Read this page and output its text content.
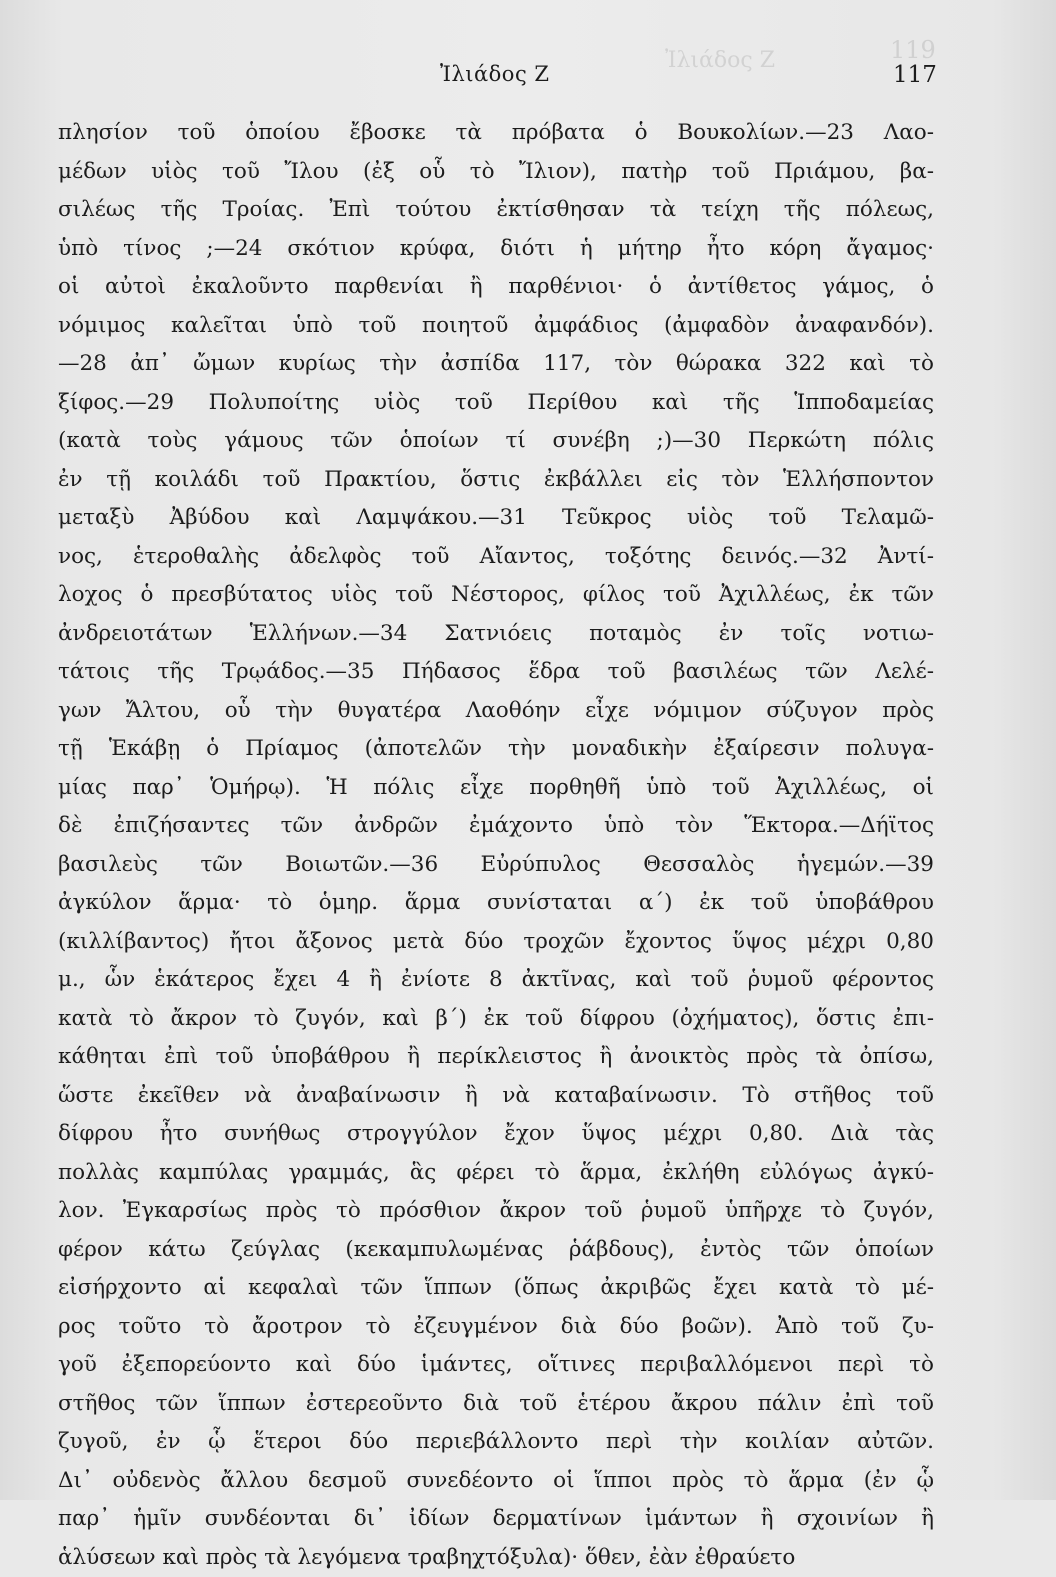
Ἰλιάδος Ζ	119
Ἰλιάδος Ζ	117
πλησίον τοῦ ὁποίου ἔβοσκε τὰ πρόβατα ὁ Βουκολίων.—23 Λαο-
μέδων υἱὸς τοῦ Ἴλου (ἐξ οὗ τὸ Ἴλιον), πατὴρ τοῦ Πριάμου, βα-
σιλέως τῆς Τροίας. Ἐπὶ τούτου ἐκτίσθησαν τὰ τείχη τῆς πόλεως,
ὑπὸ τίνος ;—24 σκότιον κρύφα, διότι ἡ μήτηρ ἦτο κόρη ἄγαμος·
οἱ αὐτοὶ ἐκαλοῦντο παρθενίαι ἢ παρθένιοι· ὁ ἀντίθετος γάμος, ὁ
νόμιμος καλεῖται ὑπὸ τοῦ ποιητοῦ ἀμφάδιος (ἀμφαδὸν ἀναφανδόν).
—28 ἀπ᾿ ὤμων κυρίως τὴν ἀσπίδα 117, τὸν θώρακα 322 καὶ τὸ
ξίφος.—29 Πολυποίτης υἱὸς τοῦ Περίθου καὶ τῆς Ἱπποδαμείας
(κατὰ τοὺς γάμους τῶν ὁποίων τί συνέβη ;)—30 Περκώτη πόλις
ἐν τῇ κοιλάδι τοῦ Πρακτίου, ὅστις ἐκβάλλει εἰς τὸν Ἑλλήσποντον
μεταξὺ Ἀβύδου καὶ Λαμψάκου.—31 Τεῦκρος υἱὸς τοῦ Τελαμῶ-
νος, ἑτεροθαλὴς ἀδελφὸς τοῦ Αἴαντος, τοξότης δεινός.—32 Ἀντί-
λοχος ὁ πρεσβύτατος υἱὸς τοῦ Νέστορος, φίλος τοῦ Ἀχιλλέως, ἐκ τῶν
ἀνδρειοτάτων Ἑλλήνων.—34 Σατνιόεις ποταμὸς ἐν τοῖς νοτιω-
τάτοις τῆς Τρῳάδος.—35 Πήδασος ἕδρα τοῦ βασιλέως τῶν Λελέ-
γων Ἄλτου, οὗ τὴν θυγατέρα Λαοθόην εἶχε νόμιμον σύζυγον πρὸς
τῇ Ἑκάβῃ ὁ Πρίαμος (ἀποτελῶν τὴν μοναδικὴν ἐξαίρεσιν πολυγα-
μίας παρ᾿ Ὁμήρῳ). Ἡ πόλις εἶχε πορθηθῆ ὑπὸ τοῦ Ἀχιλλέως, οἱ
δὲ ἐπιζήσαντες τῶν ἀνδρῶν ἐμάχοντο ὑπὸ τὸν Ἕκτορα.—Δήϊτος
βασιλεὺς τῶν Βοιωτῶν.—36 Εὐρύπυλος Θεσσαλὸς ἡγεμών.—39
ἀγκύλον ἅρμα· τὸ ὁμηρ. ἅρμα συνίσταται α΄) ἐκ τοῦ ὑποβάθρου
(κιλλίβαντος) ἤτοι ἄξονος μετὰ δύο τροχῶν ἔχοντος ὕψος μέχρι 0,80
μ., ὧν ἑκάτερος ἔχει 4 ἢ ἐνίοτε 8 ἀκτῖνας, καὶ τοῦ ῥυμοῦ φέροντος
κατὰ τὸ ἄκρον τὸ ζυγόν, καὶ β΄) ἐκ τοῦ δίφρου (ὀχήματος), ὅστις ἐπι-
κάθηται ἐπὶ τοῦ ὑποβάθρου ἢ περίκλειστος ἢ ἀνοικτὸς πρὸς τὰ ὀπίσω,
ὥστε ἐκεῖθεν νὰ ἀναβαίνωσιν ἢ νὰ καταβαίνωσιν. Τὸ στῆθος τοῦ
δίφρου ἦτο συνήθως στρογγύλον ἔχον ὕψος μέχρι 0,80. Διὰ τὰς
πολλὰς καμπύλας γραμμάς, ἃς φέρει τὸ ἅρμα, ἐκλήθη εὐλόγως ἀγκύ-
λον. Ἐγκαρσίως πρὸς τὸ πρόσθιον ἄκρον τοῦ ῥυμοῦ ὑπῆρχε τὸ ζυγόν,
φέρον κάτω ζεύγλας (κεκαμπυλωμένας ῥάβδους), ἐντὸς τῶν ὁποίων
εἰσήρχοντο αἱ κεφαλαὶ τῶν ἵππων (ὅπως ἀκριβῶς ἔχει κατὰ τὸ μέ-
ρος τοῦτο τὸ ἄροτρον τὸ ἐζευγμένον διὰ δύο βοῶν). Ἀπὸ τοῦ ζυ-
γοῦ ἐξεπορεύοντο καὶ δύο ἱμάντες, οἵτινες περιβαλλόμενοι περὶ τὸ
στῆθος τῶν ἵππων ἐστερεοῦντο διὰ τοῦ ἑτέρου ἄκρου πάλιν ἐπὶ τοῦ
ζυγοῦ, ἐν ᾧ ἕτεροι δύο περιεβάλλοντο περὶ τὴν κοιλίαν αὐτῶν.
Δι᾿ οὐδενὸς ἄλλου δεσμοῦ συνεδέοντο οἱ ἵπποι πρὸς τὸ ἅρμα (ἐν ᾧ
παρ᾿ ἡμῖν συνδέονται δι᾿ ἰδίων δερματίνων ἱμάντων ἢ σχοινίων ἢ
ἁλύσεων καὶ πρὸς τὰ λεγόμενα τραβηχτόξυλα)· ὅθεν, ἐὰν ἐθραύετο
